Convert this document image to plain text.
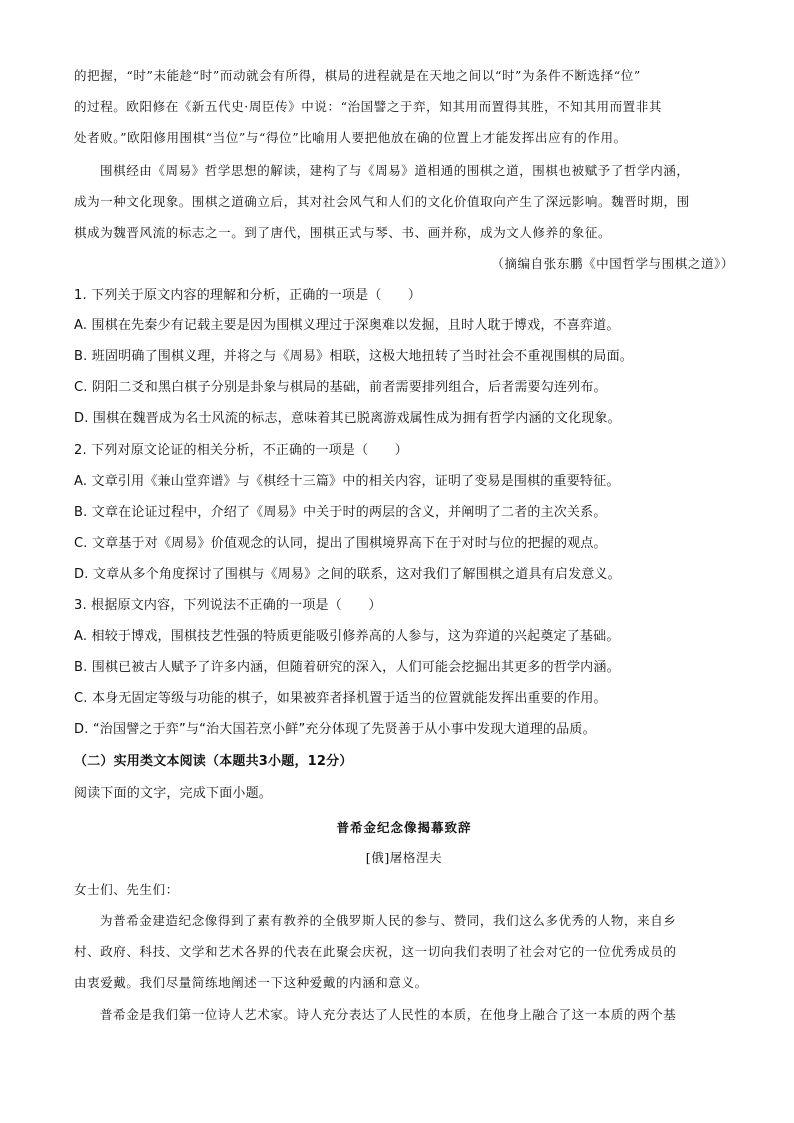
的把握，“时”未能趁“时”而动就会有所得，棋局的进程就是在天地之间以“时”为条件不断选择“位”
的过程。欧阳修在《新五代史·周臣传》中说：“治国譬之于弈，知其用而置得其胜，不知其用而置非其
处者败。”欧阳修用围棋“当位”与“得位”比喻用人要把他放在确的位置上才能发挥出应有的作用。
围棋经由《周易》哲学思想的解读，建构了与《周易》道相通的围棋之道，围棋也被赋予了哲学内涵，
成为一种文化现象。围棋之道确立后，其对社会风气和人们的文化价值取向产生了深远影响。魏晋时期，围
棋成为魏晋风流的标志之一。到了唐代，围棋正式与琴、书、画并称，成为文人修养的象征。
（摘编自张东鹏《中国哲学与围棋之道》）
1. 下列关于原文内容的理解和分析，正确的一项是（　　）
A. 围棋在先秦少有记载主要是因为围棋义理过于深奥难以发掘，且时人耽于博戏，不喜弈道。
B. 班固明确了围棋义理，并将之与《周易》相联，这极大地扭转了当时社会不重视围棋的局面。
C. 阴阳二爻和黑白棋子分别是卦象与棋局的基础，前者需要排列组合，后者需要勾连列布。
D. 围棋在魏晋成为名士风流的标志，意味着其已脱离游戏属性成为拥有哲学内涵的文化现象。
2. 下列对原文论证的相关分析，不正确的一项是（　　）
A. 文章引用《兼山堂弈谱》与《棋经十三篇》中的相关内容，证明了变易是围棋的重要特征。
B. 文章在论证过程中，介绍了《周易》中关于时的两层的含义，并阐明了二者的主次关系。
C. 文章基于对《周易》价值观念的认同，提出了围棋境界高下在于对时与位的把握的观点。
D. 文章从多个角度探讨了围棋与《周易》之间的联系，这对我们了解围棋之道具有启发意义。
3. 根据原文内容，下列说法不正确的一项是（　　）
A. 相较于博戏，围棋技艺性强的特质更能吸引修养高的人参与，这为弈道的兴起奠定了基础。
B. 围棋已被古人赋予了许多内涵，但随着研究的深入，人们可能会挖掘出其更多的哲学内涵。
C. 本身无固定等级与功能的棋子，如果被弈者择机置于适当的位置就能发挥出重要的作用。
D. “治国譬之于弈”与“治大国若烹小鲜”充分体现了先贤善于从小事中发现大道理的品质。
（二）实用类文本阅读（本题共3小题，12分）
阅读下面的文字，完成下面小题。
普希金纪念像揭幕致辞
[俄]屠格涅夫
女士们、先生们：
为普希金建造纪念像得到了素有教养的全俄罗斯人民的参与、赞同，我们这么多优秀的人物，来自乡
村、政府、科技、文学和艺术各界的代表在此聚会庆祝，这一切向我们表明了社会对它的一位优秀成员的
由衷爱戴。我们尽量简练地阐述一下这种爱戴的内涵和意义。
普希金是我们第一位诗人艺术家。诗人充分表达了人民性的本质，在他身上融合了这一本质的两个基
